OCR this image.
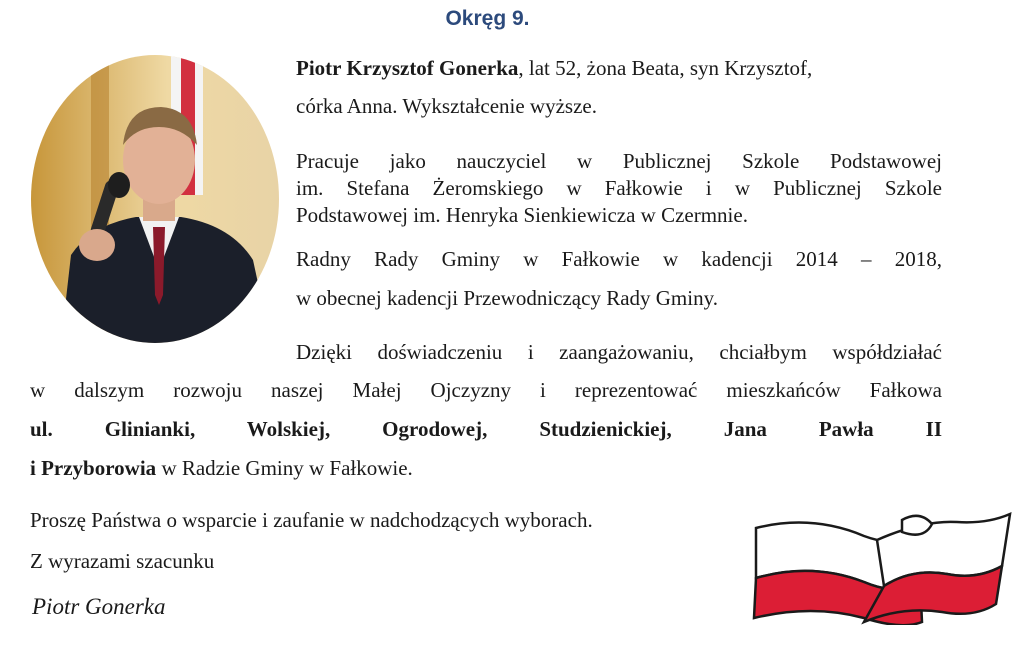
Okręg 9.
Piotr Krzysztof Gonerka, lat 52, żona Beata, syn Krzysztof,
córka Anna. Wykształcenie wyższe.
Pracuje jako nauczyciel w Publicznej Szkole Podstawowej
im. Stefana Żeromskiego w Fałkowie i w Publicznej Szkole
Podstawowej im. Henryka Sienkiewicza w Czermnie.
Radny Rady Gminy w Fałkowie w kadencji 2014 – 2018,
w obecnej kadencji Przewodniczący Rady Gminy.
Dzięki doświadczeniu i zaangażowaniu, chciałbym współdziałać
w dalszym rozwoju naszej Małej Ojczyzny i reprezentować mieszkańców Fałkowa
ul. Glinianki, Wolskiej, Ogrodowej, Studzienickiej, Jana Pawła II
i Przyborowia w Radzie Gminy w Fałkowie.
Proszę Państwa o wsparcie i zaufanie w nadchodzących wyborach.
Z wyrazami szacunku
Piotr Gonerka
